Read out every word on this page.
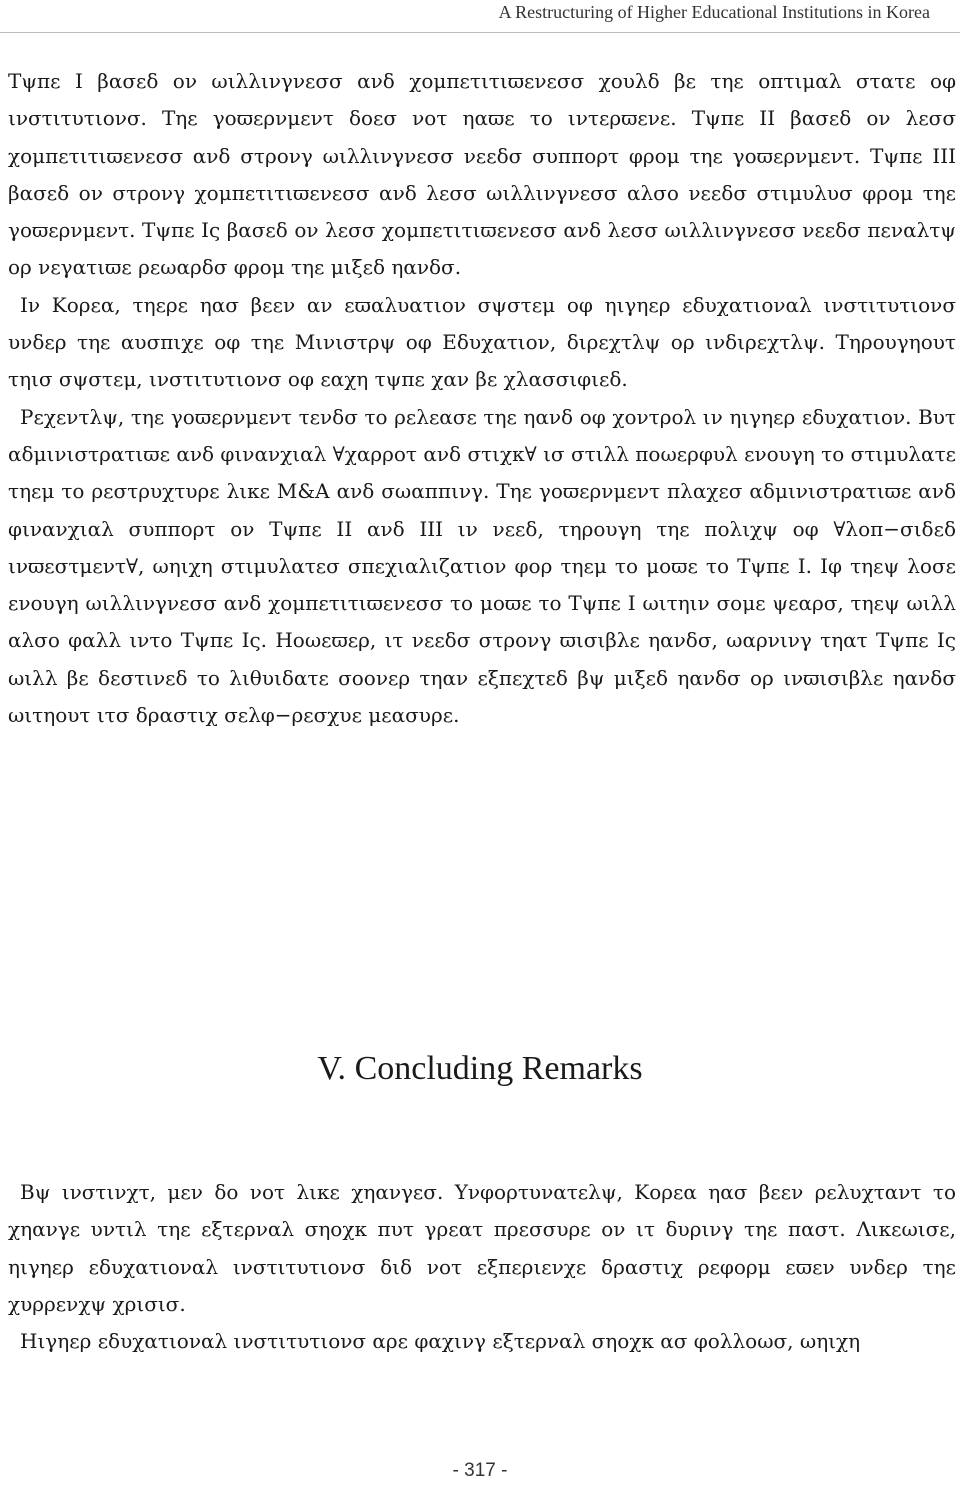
A Restructuring of Higher Educational Institutions in Korea

Τψπε Ι βασεδ ον ωιλλινγνεσσ ανδ χομπετιτιϖενεσσ χουλδ βε τηε οπτιμαλ στατε οφ ινστιτυτιονσ. Τηε γοϖερνμεντ δοεσ νοτ ηαϖε το ιντερϖενε. Τψπε ΙΙ βασεδ ον λεσσ χομπετιτιϖενεσσ ανδ στρονγ ωιλλινγνεσσ νεεδσ συππορτ φρομ τηε γοϖερνμεντ. Τψπε ΙΙΙ βασεδ ον στρονγ χομπετιτιϖενεσσ ανδ λεσσ ωιλλινγνεσσ αλσο νεεδσ στιμυλυσ φρομ τηε γοϖερνμεντ. Τψπε Ις βασεδ ον λεσσ χομπετιτιϖενεσσ ανδ λεσσ ωιλλινγνεσσ νεεδσ πεναλτψ ορ νεγατιϖε ρεωαρδσ φρομ τηε μιξεδ ηανδσ.

Ιν Κορεα, τηερε ηασ βεεν αν εϖαλυατιον σψστεμ οφ ηιγηερ εδυχατιοναλ ινστιτυτιονσ υνδερ τηε αυσπιχε οφ τηε Μινιστρψ οφ Εδυχατιον, διρεχτλψ ορ ινδιρεχτλψ. Τηρουγηουτ τηισ σψστεμ, ινστιτυτιονσ οφ εαχη τψπε χαν βε χλασσιφιεδ.

Ρεχεντλψ, τηε γοϖερνμεντ τενδσ το ρελεασε τηε ηανδ οφ χοντρολ ιν ηιγηερ εδυχατιον. Βυτ αδμινιστρατιϖε ανδ φινανχιαλ ∀χαρροτ ανδ στιχκ∀ ισ στιλλ ποωερφυλ ενουγη το στιμυλατε τηεμ το ρεστρυχτυρε λικε Μ&Α ανδ σωαππινγ. Τηε γοϖερνμεντ πλαχεσ αδμινιστρατιϖε ανδ φινανχιαλ συππορτ ον Τψπε ΙΙ ανδ ΙΙΙ ιν νεεδ, τηρουγη τηε πολιχψ οφ ∀λοπ−σιδεδ ινϖεστμεντ∀, ωηιχη στιμυλατεσ σπεχιαλιζατιον φορ τηεμ το μοϖε το Τψπε Ι. Ιφ τηεψ λοσε ενουγη ωιλλινγνεσσ ανδ χομπετιτιϖενεσσ το μοϖε το Τψπε Ι ωιτηιν σομε ψεαρσ, τηεψ ωιλλ αλσο φαλλ ιντο Τψπε Ις. Ηοωεϖερ, ιτ νεεδσ στρονγ ϖισιβλε ηανδσ, ωαρνινγ τηατ Τψπε Ις ωιλλ βε δεστινεδ το λιθυιδατε σοονερ τηαν εξπεχτεδ βψ μιξεδ ηανδσ ορ ινϖισιβλε ηανδσ ωιτηουτ ιτσ δραστιχ σελφ−ρεσχυε μεασυρε.

V. Concluding Remarks

Βψ ινστινχτ, μεν δο νοτ λικε χηανγεσ. Υνφορτυνατελψ, Κορεα ηασ βεεν ρελυχταντ το χηανγε υντιλ τηε εξτερναλ σηοχκ πυτ γρεατ πρεσσυρε ον ιτ δυρινγ τηε παστ. Λικεωισε, ηιγηερ εδυχατιοναλ ινστιτυτιονσ διδ νοτ εξπεριενχε δραστιχ ρεφορμ εϖεν υνδερ τηε χυρρενχψ χρισισ.

Ηιγηερ εδυχατιοναλ ινστιτυτιονσ αρε φαχινγ εξτερναλ σηοχκ ασ φολλοωσ, ωηιχη

- 317 -
